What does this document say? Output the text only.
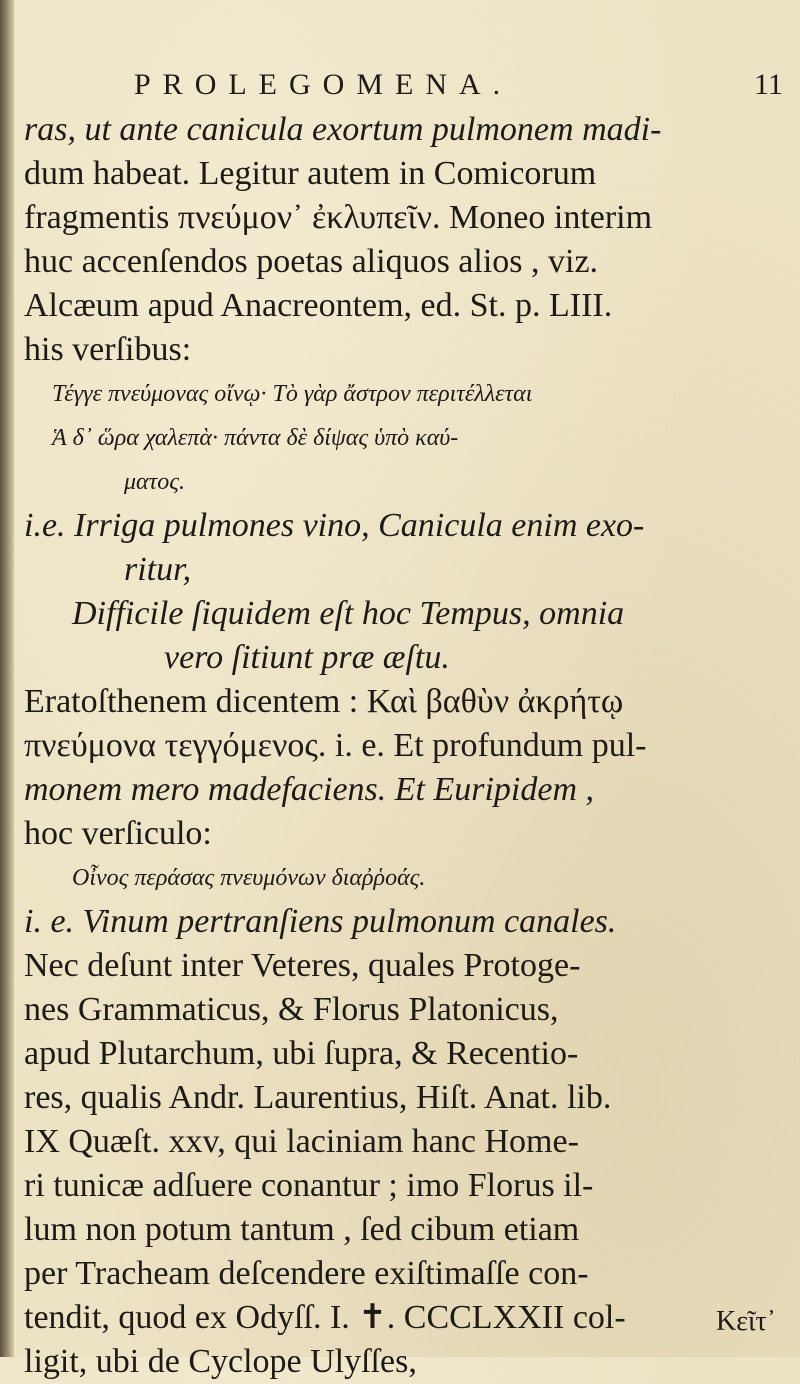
PROLEGOMENA.	11
ras, ut ante canicula exortum pulmonem madi-
dum habeat. Legitur autem in Comicorum
fragmentis πνεύμον᾽ ἐκλυπεῖν. Moneo interim
huc accenſendos poetas aliquos alios , viz.
Alcæum apud Anacreontem, ed. St. p. LIII.
his verſibus:
Τέγγε πνεύμονας οἴνῳ· Τὸ γὰρ ἄστρον περιτέλλεται
Ἁ δ᾽ ὥρα χαλεπὰ· πάντα δὲ δίψας ὑπὸ καύ-
ματος.
i.e. Irriga pulmones vino, Canicula enim exo-
ritur,
Difficile ſiquidem eſt hoc Tempus, omnia
vero ſitiunt præ æſtu.
Eratoſthenem dicentem : Καὶ βαθὺν ἀκρήτῳ
πνεύμονα τεγγόμενος. i. e. Et profundum pul-
monem mero madefaciens. Et Euripidem ,
hoc verſiculo:
Οἶνος περάσας πνευμόνων διαῤῥοάς.
i. e. Vinum pertranſiens pulmonum canales.
Nec deſunt inter Veteres, quales Protoge-
nes Grammaticus, & Florus Platonicus,
apud Plutarchum, ubi ſupra, & Recentio-
res, qualis Andr. Laurentius, Hiſt. Anat. lib.
IX Quæſt. xxv, qui laciniam hanc Home-
ri tunicæ adſuere conantur ; imo Florus il-
lum non potum tantum , ſed cibum etiam
per Tracheam deſcendere exiſtimaſſe con-
tendit, quod ex Odyſſ. I. ✝. CCCLXXII col-
ligit, ubi de Cyclope Ulyſſes,
Κεῖτ᾽
